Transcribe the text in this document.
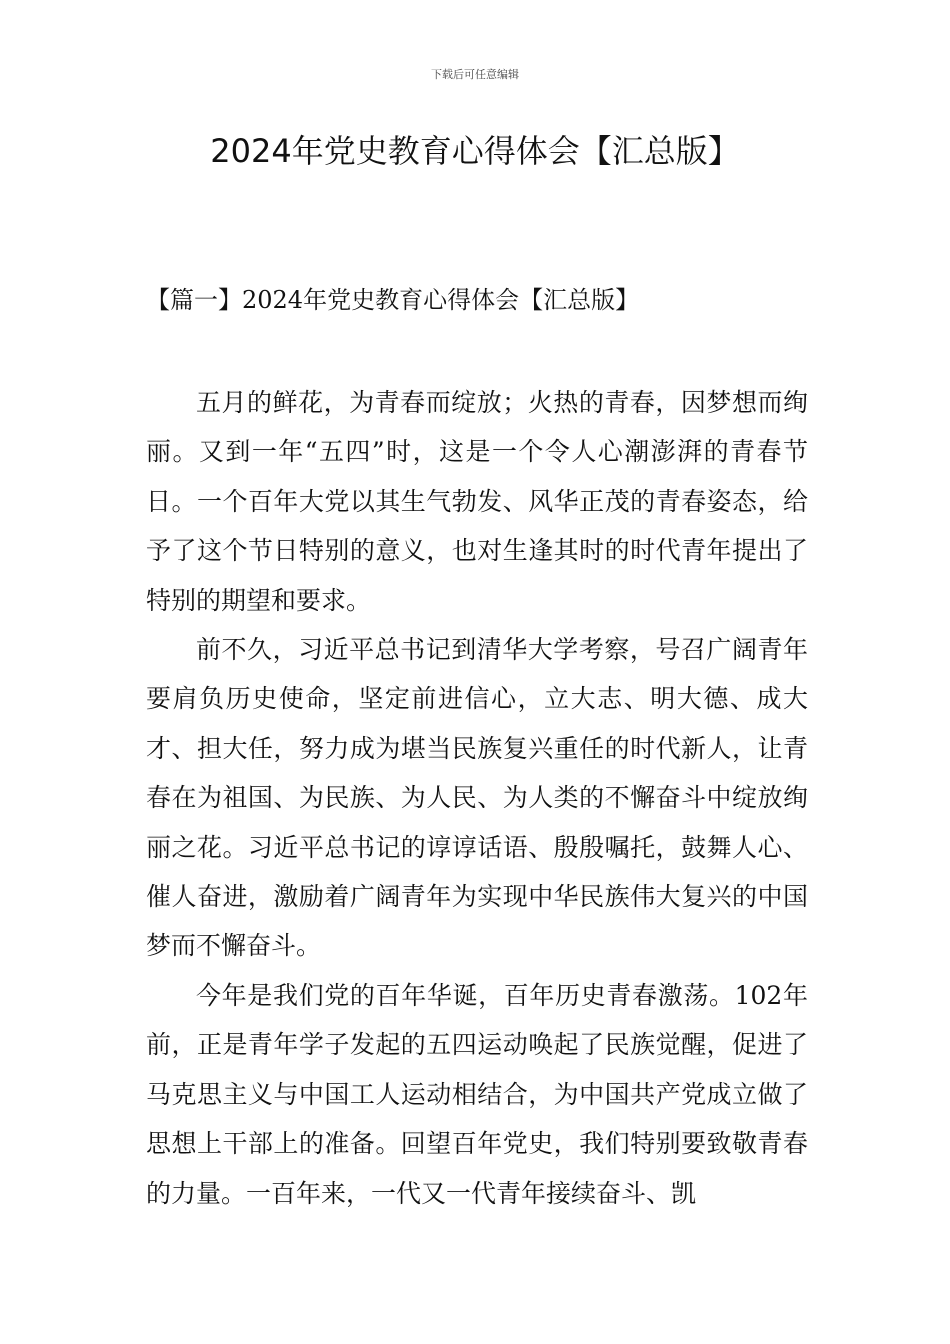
下载后可任意编辑
2024年党史教育心得体会【汇总版】
【篇一】2024年党史教育心得体会【汇总版】

五月的鲜花，为青春而绽放；火热的青春，因梦想而绚丽。又到一年“五四”时，这是一个令人心潮澎湃的青春节日。一个百年大党以其生气勃发、风华正茂的青春姿态，给予了这个节日特别的意义，也对生逢其时的时代青年提出了特别的期望和要求。

前不久，习近平总书记到清华大学考察，号召广阔青年要肩负历史使命，坚定前进信心，立大志、明大德、成大才、担大任，努力成为堪当民族复兴重任的时代新人，让青春在为祖国、为民族、为人民、为人类的不懈奋斗中绽放绚丽之花。习近平总书记的谆谆话语、殷殷嘱托，鼓舞人心、催人奋进，激励着广阔青年为实现中华民族伟大复兴的中国梦而不懈奋斗。

今年是我们党的百年华诞，百年历史青春激荡。102年前，正是青年学子发起的五四运动唤起了民族觉醒，促进了马克思主义与中国工人运动相结合，为中国共产党成立做了思想上干部上的准备。回望百年党史，我们特别要致敬青春的力量。一百年来，一代又一代青年接续奋斗、凯
